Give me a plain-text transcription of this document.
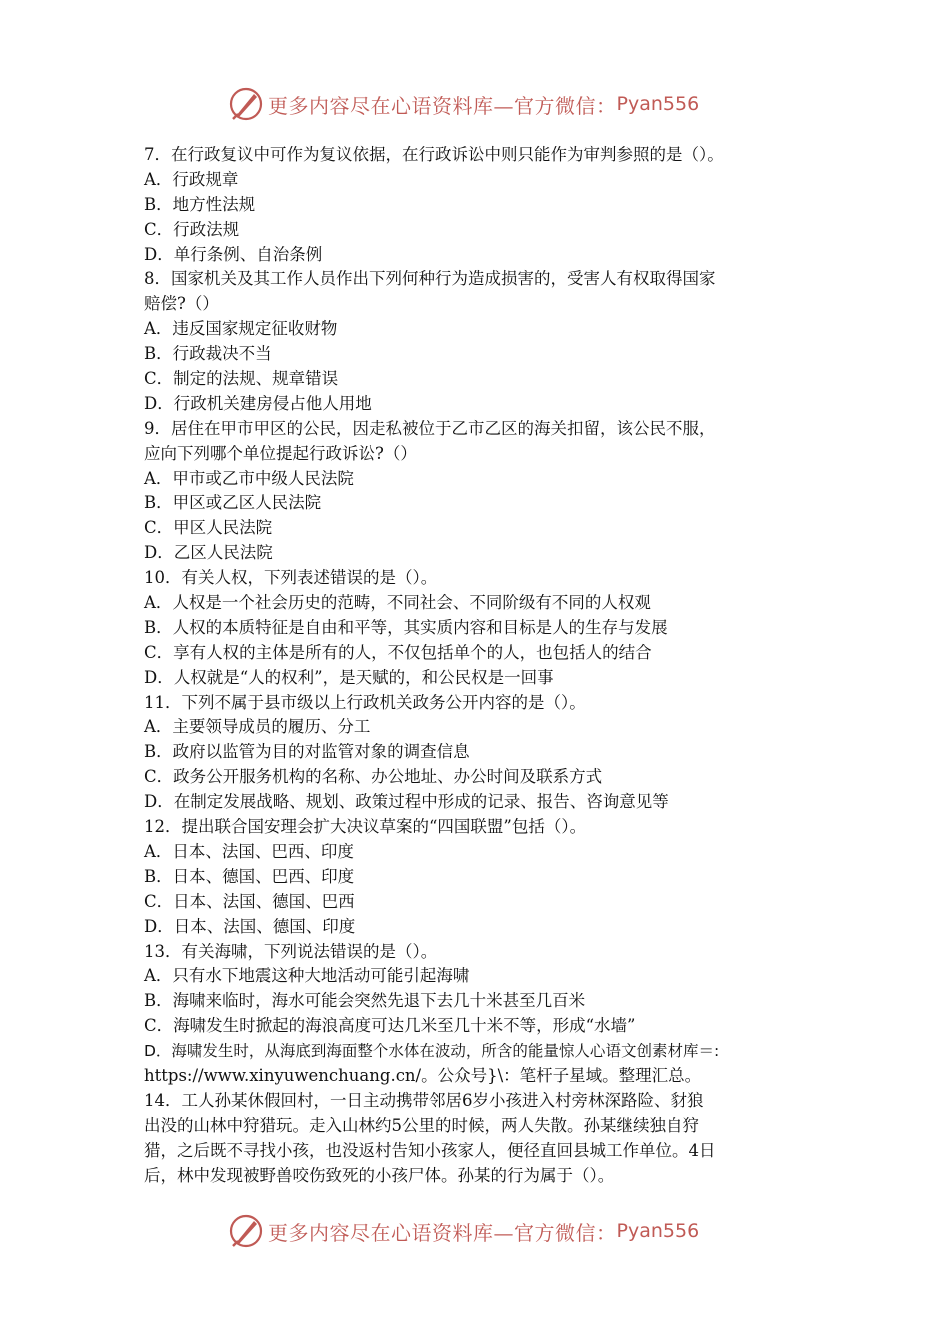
更多内容尽在心语资料库—官方微信： Pyan556
7．在行政复议中可作为复议依据，在行政诉讼中则只能作为审判参照的是（）。
A．行政规章
B．地方性法规
C．行政法规
D．单行条例、自治条例
8．国家机关及其工作人员作出下列何种行为造成损害的，受害人有权取得国家
赔偿?（）
A．违反国家规定征收财物
B．行政裁决不当
C．制定的法规、规章错误
D．行政机关建房侵占他人用地
9．居住在甲市甲区的公民，因走私被位于乙市乙区的海关扣留，该公民不服，
应向下列哪个单位提起行政诉讼?（）
A．甲市或乙市中级人民法院
B．甲区或乙区人民法院
C．甲区人民法院
D．乙区人民法院
10．有关人权，下列表述错误的是（）。
A．人权是一个社会历史的范畴，不同社会、不同阶级有不同的人权观
B．人权的本质特征是自由和平等，其实质内容和目标是人的生存与发展
C．享有人权的主体是所有的人，不仅包括单个的人，也包括人的结合
D．人权就是“人的权利”，是天赋的，和公民权是一回事
11．下列不属于县市级以上行政机关政务公开内容的是（）。
A．主要领导成员的履历、分工
B．政府以监管为目的对监管对象的调查信息
C．政务公开服务机构的名称、办公地址、办公时间及联系方式
D．在制定发展战略、规划、政策过程中形成的记录、报告、咨询意见等
12．提出联合国安理会扩大决议草案的“四国联盟”包括（）。
A．日本、法国、巴西、印度
B．日本、德国、巴西、印度
C．日本、法国、德国、巴西
D．日本、法国、德国、印度
13．有关海啸，下列说法错误的是（）。
A．只有水下地震这种大地活动可能引起海啸
B．海啸来临时，海水可能会突然先退下去几十米甚至几百米
C．海啸发生时掀起的海浪高度可达几米至几十米不等，形成“水墙”
D．海啸发生时，从海底到海面整个水体在波动，所含的能量惊人心语文创素材库＝:
https://www.xinyuwenchuang.cn/。公众号}\：笔杆子星域。整理汇总。
14．工人孙某休假回村，一日主动携带邻居6岁小孩进入村旁林深路险、豺狼
出没的山林中狩猎玩。走入山林约5公里的时候，两人失散。孙某继续独自狩
猎，之后既不寻找小孩，也没返村告知小孩家人，便径直回县城工作单位。4日
后，林中发现被野兽咬伤致死的小孩尸体。孙某的行为属于（）。
更多内容尽在心语资料库—官方微信： Pyan556
